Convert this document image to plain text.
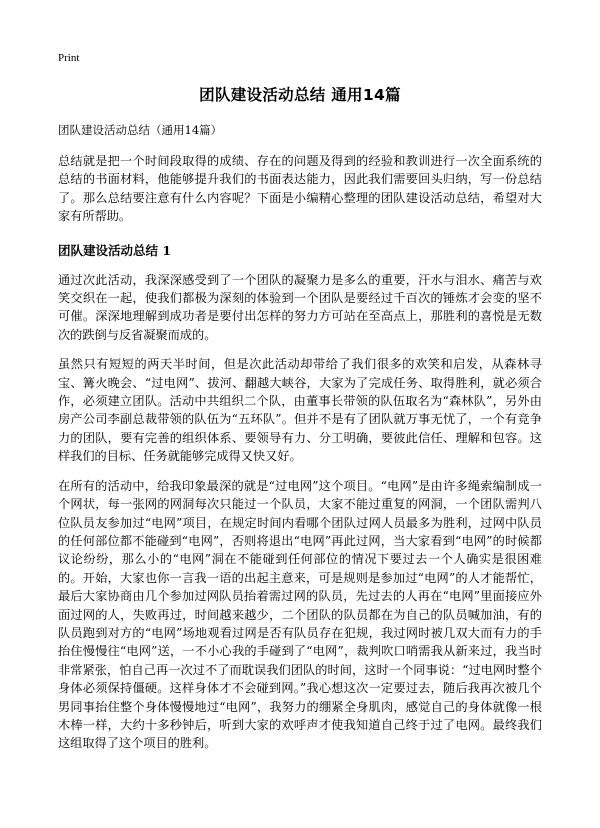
Print
团队建设活动总结 通用14篇

团队建设活动总结（通用14篇）

总结就是把一个时间段取得的成绩、存在的问题及得到的经验和教训进行一次全面系统的总结的书面材料，他能够提升我们的书面表达能力，因此我们需要回头归纳，写一份总结了。那么总结要注意有什么内容呢？下面是小编精心整理的团队建设活动总结，希望对大家有所帮助。

团队建设活动总结 1

通过次此活动，我深深感受到了一个团队的凝聚力是多么的重要，汗水与泪水、痛苦与欢笑交织在一起，使我们都极为深刻的体验到一个团队是要经过千百次的锤炼才会变的坚不可催。深深地理解到成功者是要付出怎样的努力方可站在至高点上，那胜利的喜悦是无数次的跌倒与反省凝聚而成的。

虽然只有短短的两天半时间，但是次此活动却带给了我们很多的欢笑和启发，从森林寻宝、篝火晚会、“过电网”、拔河、翻越大峡谷，大家为了完成任务、取得胜利，就必须合作，必须建立团队。活动中共组织二个队，由董事长带领的队伍取名为“森林队”，另外由房产公司李副总裁带领的队伍为“五环队”。但并不是有了团队就万事无忧了，一个有竞争力的团队，要有完善的组织体系、要领导有力、分工明确，要彼此信任、理解和包容。这样我们的目标、任务就能够完成得又快又好。

在所有的活动中，给我印象最深的就是“过电网”这个项目。“电网”是由许多绳索编制成一个网状，每一张网的网洞每次只能过一个队员，大家不能过重复的网洞，一个团队需判八位队员友参加过“电网”项目，在规定时间内看哪个团队过网人员最多为胜利，过网中队员的任何部位都不能碰到“电网”，否则将退出“电网”再此过网，当大家看到“电网”的时候都议论纷纷，那么小的“电网”洞在不能碰到任何部位的情况下要过去一个人确实是很困难的。开始，大家也你一言我一语的出起主意来，可是规则是参加过“电网”的人才能帮忙，最后大家协商由几个参加过网队员抬着需过网的队员，先过去的人再在“电网”里面接应外面过网的人，失败再过，时间越来越少，二个团队的队员都在为自己的队员喊加油，有的队员跑到对方的“电网”场地观看过网是否有队员存在犯规，我过网时被几双大而有力的手抬住慢慢往“电网”送，一不小心我的手碰到了“电网”，裁判吹口哨需我从新来过，我当时非常紧张，怕自己再一次过不了而耽误我们团队的时间，这时一个同事说：“过电网时整个身体必须保持僵硬。这样身体才不会碰到网。”我心想这次一定要过去，随后我再次被几个男同事抬住整个身体慢慢地过“电网”，我努力的绷紧全身肌肉，感觉自己的身体就像一根木棒一样，大约十多秒钟后，听到大家的欢呼声才使我知道自己终于过了电网。最终我们这组取得了这个项目的胜利。
